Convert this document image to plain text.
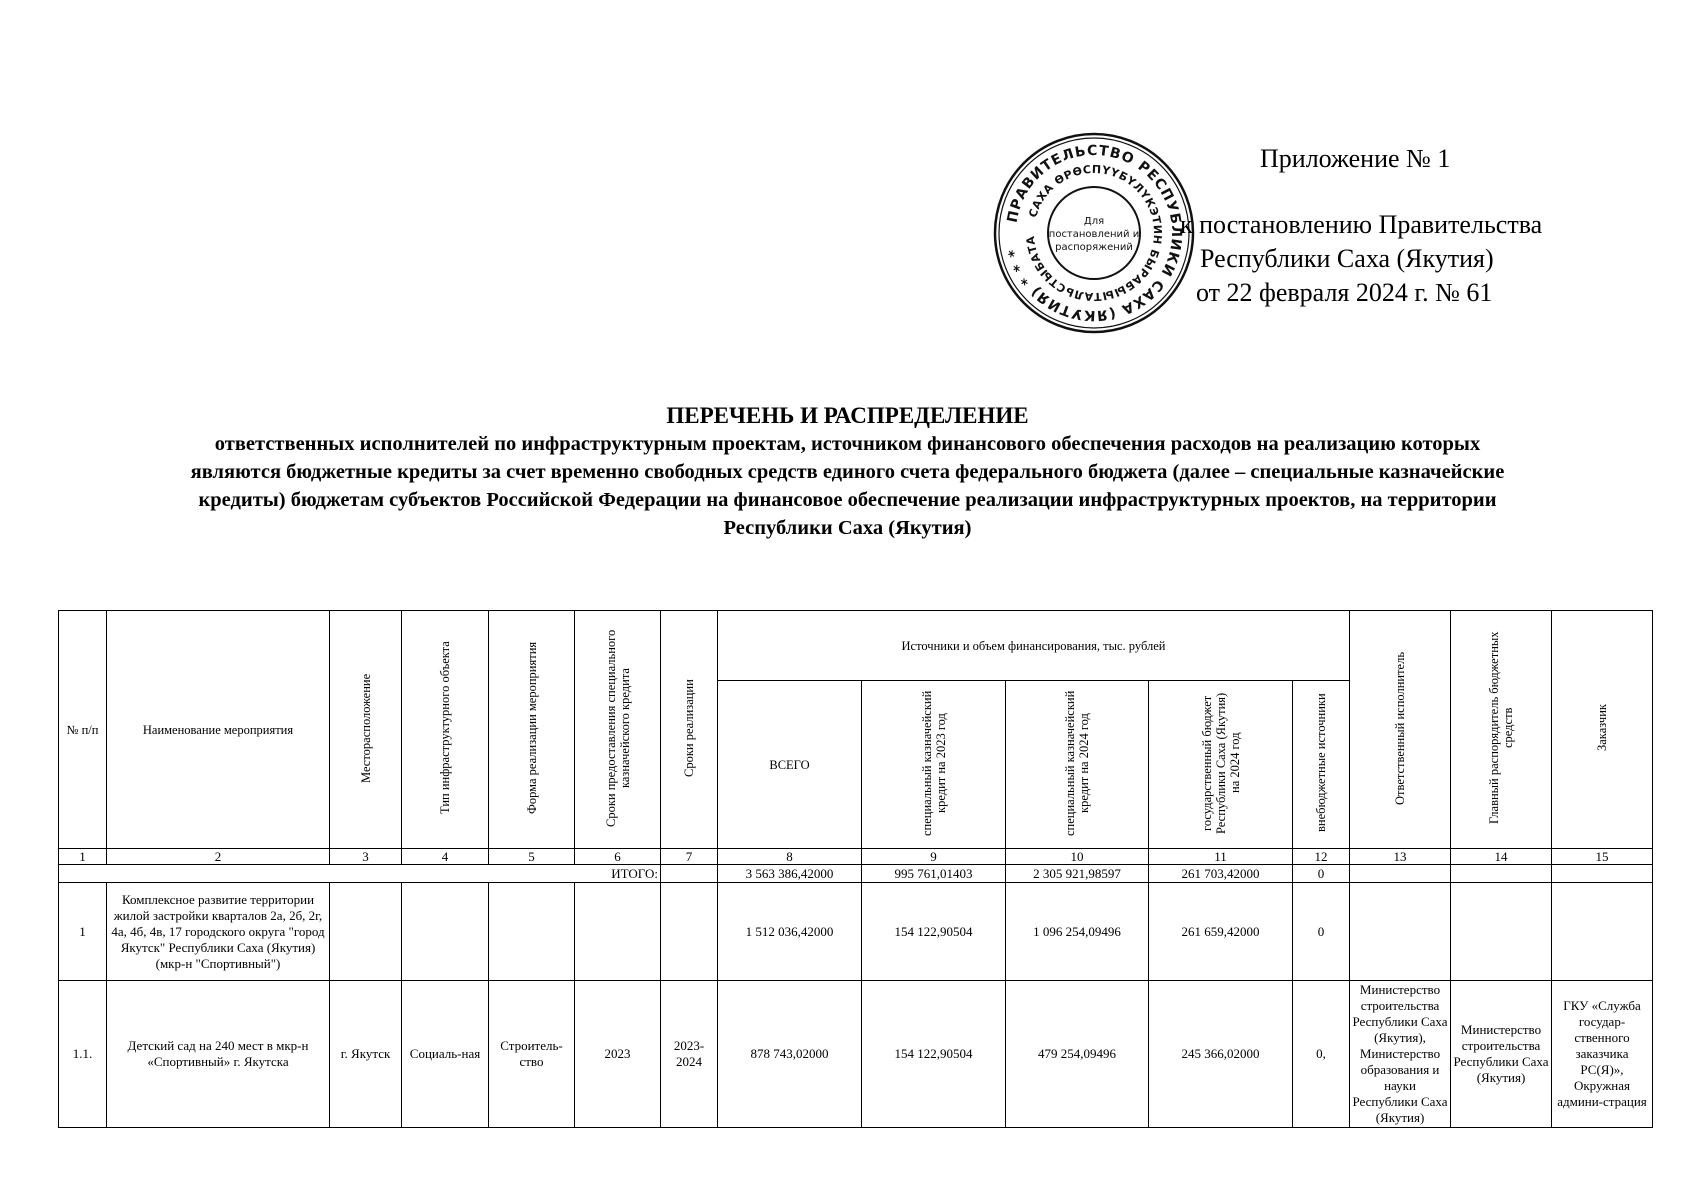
ПРАВИТЕЛЬСТВО РЕСПУБЛИКИ САХА (ЯКУТИЯ) * * *
САХА ӨРӨСПҮҮБҮЛҮКЭТИН БЫРАБЫЫТАЛЬСТЫБАТА
Для
постановлений и
распоряжений
Приложение № 1
к постановлению Правительства
Республики Саха (Якутия)
от 22 февраля 2024 г. № 61
ПЕРЕЧЕНЬ И РАСПРЕДЕЛЕНИЕ
ответственных исполнителей по инфраструктурным проектам, источником финансового обеспечения расходов на реализацию которых
являются бюджетные кредиты за счет временно свободных средств единого счета федерального бюджета (далее – специальные казначейские
кредиты) бюджетам субъектов Российской Федерации на финансовое обеспечение реализации инфраструктурных проектов, на территории
Республики Саха (Якутия)
№ п/п	Наименование мероприятия	Месторасположение	Тип инфраструктурного объекта	Форма реализации мероприятия	Сроки предоставления специального казначейского кредита	Сроки реализации	Источники и объем финансирования, тыс. рублей					Ответственный исполнитель	Главный распорядитель бюджетных средств	Заказчик
							ВСЕГО	специальный казначейский кредит на 2023 год	специальный казначейский кредит на 2024 год	государственный бюджет Республики Саха (Якутия) на 2024 год	внебюджетные источники			
1	2	3	4	5	6	7	8	9	10	11	12	13	14	15
ИТОГО:							3 563 386,42000	995 761,01403	2 305 921,98597	261 703,42000	0			
1	Комплексное развитие территории жилой застройки кварталов 2а, 2б, 2г, 4а, 4б, 4в, 17 городского округа "город Якутск" Республики Саха (Якутия) (мкр-н "Спортивный")						1 512 036,42000	154 122,90504	1 096 254,09496	261 659,42000	0			
1.1.	Детский сад на 240 мест в мкр-н «Спортивный» г. Якутска	г. Якутск	Социаль-ная	Строитель-ство	2023	2023-2024	878 743,02000	154 122,90504	479 254,09496	245 366,02000	0,	Министерство строительства Республики Саха (Якутия), Министерство образования и науки Республики Саха (Якутия)	Министерство строительства Республики Саха (Якутия)	ГКУ «Служба государ-ственного заказчика РС(Я)», Окружная админи-страция
